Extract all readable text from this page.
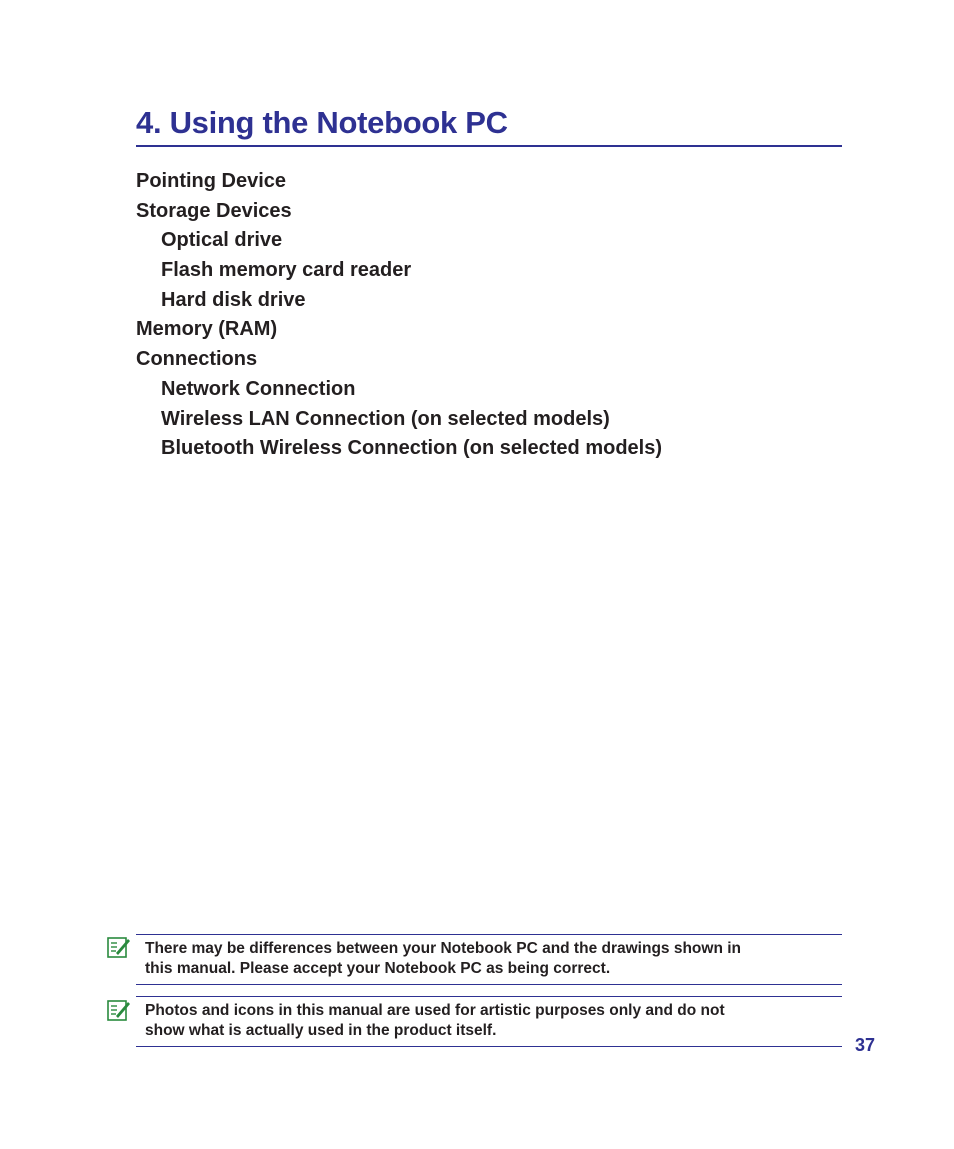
4. Using the Notebook PC
Pointing Device
Storage Devices
Optical drive
Flash memory card reader
Hard disk drive
Memory (RAM)
Connections
Network Connection
Wireless LAN Connection (on selected models)
Bluetooth Wireless Connection (on selected models)
There may be differences between your Notebook PC and the drawings shown in
this manual. Please accept your Notebook PC as being correct.
Photos and icons in this manual are used for artistic purposes only and do not
show what is actually used in the product itself.
37
